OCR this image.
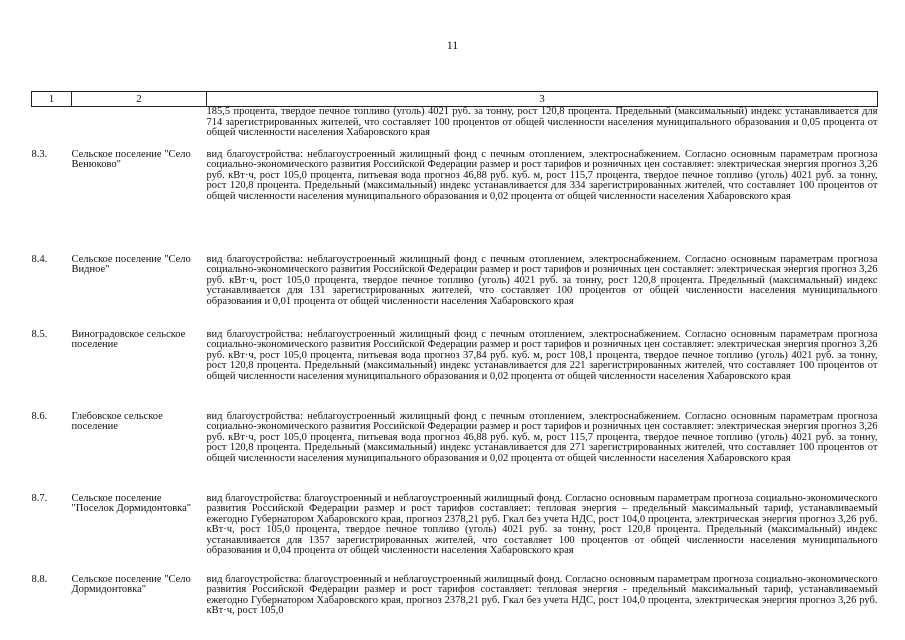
11
1	2	3
		185,5 процента, твердое печное топливо (уголь) 4021 руб. за тонну, рост 120,8 процента. Предельный (максимальный) индекс устанавливается для 714 зарегистрированных жителей, что составляет 100 процентов от общей численности населения муниципального образования и 0,05 процента от общей численности населения Хабаровского края
8.3.	Сельское поселение "Село Венюково"	вид благоустройства: неблагоустроенный жилищный фонд с печным отоплением, электроснабжением. Согласно основным параметрам прогноза социально-экономического развития Российской Федерации размер и рост тарифов и розничных цен составляет: электрическая энергия прогноз 3,26 руб. кВт·ч, рост 105,0 процента, питьевая вода прогноз 46,88 руб. куб. м, рост 115,7 процента, твердое печное топливо (уголь) 4021 руб. за тонну, рост 120,8 процента. Предельный (максимальный) индекс устанавливается для 334 зарегистрированных жителей, что составляет 100 процентов от общей численности населения муниципального образования и 0,02 процента от общей численности населения Хабаровского края
8.4.	Сельское поселение "Село Видное"	вид благоустройства: неблагоустроенный жилищный фонд с печным отоплением, электроснабжением. Согласно основным параметрам прогноза социально-экономического развития Российской Федерации размер и рост тарифов и розничных цен составляет: электрическая энергия прогноз 3,26 руб. кВт·ч, рост 105,0 процента, твердое печное топливо (уголь) 4021 руб. за тонну, рост 120,8 процента. Предельный (максимальный) индекс устанавливается для 131 зарегистрированных жителей, что составляет 100 процентов от общей численности населения муниципального образования и 0,01 процента от общей численности населения Хабаровского края
8.5.	Виноградовское сельское поселение	вид благоустройства: неблагоустроенный жилищный фонд с печным отоплением, электроснабжением. Согласно основным параметрам прогноза социально-экономического развития Российской Федерации размер и рост тарифов и розничных цен составляет: электрическая энергия прогноз 3,26 руб. кВт·ч, рост 105,0 процента, питьевая вода прогноз 37,84 руб. куб. м, рост 108,1 процента, твердое печное топливо (уголь) 4021 руб. за тонну, рост 120,8 процента. Предельный (максимальный) индекс устанавливается для 221 зарегистрированных жителей, что составляет 100 процентов от общей численности населения муниципального образования и 0,02 процента от общей численности населения Хабаровского края
8.6.	Глебовское сельское поселение	вид благоустройства: неблагоустроенный жилищный фонд с печным отоплением, электроснабжением. Согласно основным параметрам прогноза социально-экономического развития Российской Федерации размер и рост тарифов и розничных цен составляет: электрическая энергия прогноз 3,26 руб. кВт·ч, рост 105,0 процента, питьевая вода прогноз 46,88 руб. куб. м, рост 115,7 процента, твердое печное топливо (уголь) 4021 руб. за тонну, рост 120,8 процента. Предельный (максимальный) индекс устанавливается для 271 зарегистрированных жителей, что составляет 100 процентов от общей численности населения муниципального образования и 0,02 процента от общей численности населения Хабаровского края
8.7.	Сельское поселение "Поселок Дормидонтовка"	вид благоустройства: благоустроенный и неблагоустроенный жилищный фонд. Согласно основным параметрам прогноза социально-экономического развития Российской Федерации размер и рост тарифов составляет: тепловая энергия – предельный максимальный тариф, устанавливаемый ежегодно Губернатором Хабаровского края, прогноз 2378,21 руб. Гкал без учета НДС, рост 104,0 процента, электрическая энергия прогноз 3,26 руб. кВт·ч, рост 105,0 процента, твердое печное топливо (уголь) 4021 руб. за тонну, рост 120,8 процента. Предельный (максимальный) индекс устанавливается для 1357 зарегистрированных жителей, что составляет 100 процентов от общей численности населения муниципального образования и 0,04 процента от общей численности населения Хабаровского края
8.8.	Сельское поселение "Село Дормидонтовка"	вид благоустройства: благоустроенный и неблагоустроенный жилищный фонд. Согласно основным параметрам прогноза социально-экономического развития Российской Федерации размер и рост тарифов составляет: тепловая энергия - предельный максимальный тариф, устанавливаемый ежегодно Губернатором Хабаровского края, прогноз 2378,21 руб. Гкал без учета НДС, рост 104,0 процента, электрическая энергия прогноз 3,26 руб. кВт·ч, рост 105,0
